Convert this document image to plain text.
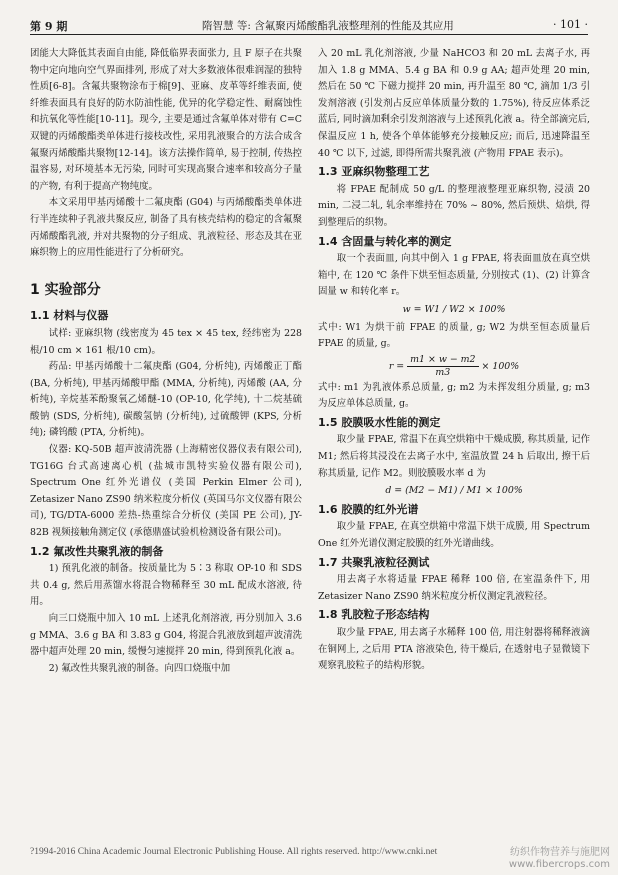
第 9 期	隋智慧 等: 含氟聚丙烯酸酯乳液整理剂的性能及其应用	· 101 ·

团能大大降低其表面自由能, 降低临界表面张力, 且 F 原子在共聚物中定向地向空气界面排列, 形成了对大多数液体很难润湿的独特性质[6-8]。含氟共聚物涂布于棉[9]、亚麻、皮革等纤维表面, 使纤维表面具有良好的防水防油性能, 优异的化学稳定性、耐腐蚀性和抗氧化等性能[10-11]。现今, 主要是通过含氟单体对带有 C=C 双键的丙烯酸酯类单体进行接枝改性, 采用乳液聚合的方法合成含氟聚丙烯酸酯共聚物[12-14]。该方法操作简单, 易于控制, 传热控温容易, 对环境基本无污染, 同时可实现高聚合速率和较高分子量的产物, 有利于提高产物纯度。

本文采用甲基丙烯酸十二氟庚酯 (G04) 与丙烯酸酯类单体进行半连续种子乳液共聚反应, 制备了具有核壳结构的稳定的含氟聚丙烯酸酯乳液, 并对共聚物的分子组成、乳液粒径、形态及其在亚麻织物上的应用性能进行了分析研究。

1 实验部分
1.1 材料与仪器

试样: 亚麻织物 (线密度为 45 tex × 45 tex, 经纬密为 228 根/10 cm × 161 根/10 cm)。

药品: 甲基丙烯酸十二氟庚酯 (G04, 分析纯), 丙烯酸正丁酯 (BA, 分析纯), 甲基丙烯酸甲酯 (MMA, 分析纯), 丙烯酸 (AA, 分析纯), 辛烷基苯酚聚氧乙烯醚-10 (OP-10, 化学纯), 十二烷基硫酸钠 (SDS, 分析纯), 碳酸氢钠 (分析纯), 过硫酸钾 (KPS, 分析纯); 磷钨酸 (PTA, 分析纯)。

仪器: KQ-50B 超声波清洗器 (上海精密仪器仪表有限公司), TG16G 台式高速离心机 (盐城市凯特实验仪器有限公司), Spectrum One 红外光谱仪 (美国 Perkin Elmer 公司), Zetasizer Nano ZS90 纳米粒度分析仪 (英国马尔文仪器有限公司), TG/DTA-6000 差热-热重综合分析仪 (美国 PE 公司), JY-82B 视频接触角测定仪 (承德鼎盛试验机检测设备有限公司)。

1.2 氟改性共聚乳液的制备

1) 预乳化液的制备。按质量比为 5∶3 称取 OP-10 和 SDS 共 0.4 g, 然后用蒸馏水将混合物稀释至 30 mL 配成水溶液, 待用。

向三口烧瓶中加入 10 mL 上述乳化剂溶液, 再分别加入 3.6 g MMA、3.6 g BA 和 3.83 g G04, 将混合乳液放到超声波清洗器中超声处理 20 min, 缓慢匀速搅拌 20 min, 得到预乳化液 a。

2) 氟改性共聚乳液的制备。向四口烧瓶中加

入 20 mL 乳化剂溶液, 少量 NaHCO3 和 20 mL 去离子水, 再加入 1.8 g MMA、5.4 g BA 和 0.9 g AA; 超声处理 20 min, 然后在 50 ℃ 下磁力搅拌 20 min, 再升温至 80 ℃, 滴加 1/3 引发剂溶液 (引发剂占反应单体质量分数的 1.75%), 待反应体系泛蓝后, 同时滴加剩余引发剂溶液与上述预乳化液 a。待全部滴完后, 保温反应 1 h, 使各个单体能够充分接触反应; 而后, 迅速降温至 40 ℃ 以下, 过滤, 即得所需共聚乳液 (产物用 FPAE 表示)。

1.3 亚麻织物整理工艺

将 FPAE 配制成 50 g/L 的整理液整理亚麻织物, 浸渍 20 min, 二浸二轧, 轧余率维持在 70% ~ 80%, 然后预烘、焙烘, 得到整理后的织物。

1.4 含固量与转化率的测定

取一个表面皿, 向其中倒入 1 g FPAE, 将表面皿放在真空烘箱中, 在 120 ℃ 条件下烘至恒态质量, 分别按式 (1)、(2) 计算含固量 w 和转化率 r。

w = W1 / W2 × 100%

式中: W1 为烘干前 FPAE 的质量, g; W2 为烘至恒态质量后 FPAE 的质量, g。

$r = \frac{m1 \times w - m2}{m3} \times 100\%$

式中: m1 为乳液体系总质量, g; m2 为未挥发组分质量, g; m3 为反应单体总质量, g。

1.5 胶膜吸水性能的测定

取少量 FPAE, 常温下在真空烘箱中干燥成膜, 称其质量, 记作 M1; 然后将其浸没在去离子水中, 室温放置 24 h 后取出, 擦干后称其质量, 记作 M2。则胶膜吸水率 d 为

d = (M2 − M1) / M1 × 100%
1.6 胶膜的红外光谱

取少量 FPAE, 在真空烘箱中常温下烘干成膜, 用 Spectrum One 红外光谱仪测定胶膜的红外光谱曲线。

1.7 共聚乳液粒径测试

用去离子水将适量 FPAE 稀释 100 倍, 在室温条件下, 用 Zetasizer Nano ZS90 纳米粒度分析仪测定乳液粒径。

1.8 乳胶粒子形态结构

取少量 FPAE, 用去离子水稀释 100 倍, 用注射器将稀释液滴在铜网上, 之后用 PTA 溶液染色, 待干燥后, 在透射电子显微镜下观察乳胶粒子的结构形貌。

?1994-2016 China Academic Journal Electronic Publishing House. All rights reserved. http://www.cnki.net	纺织作物营养与施肥网 www.fibercrops.com
